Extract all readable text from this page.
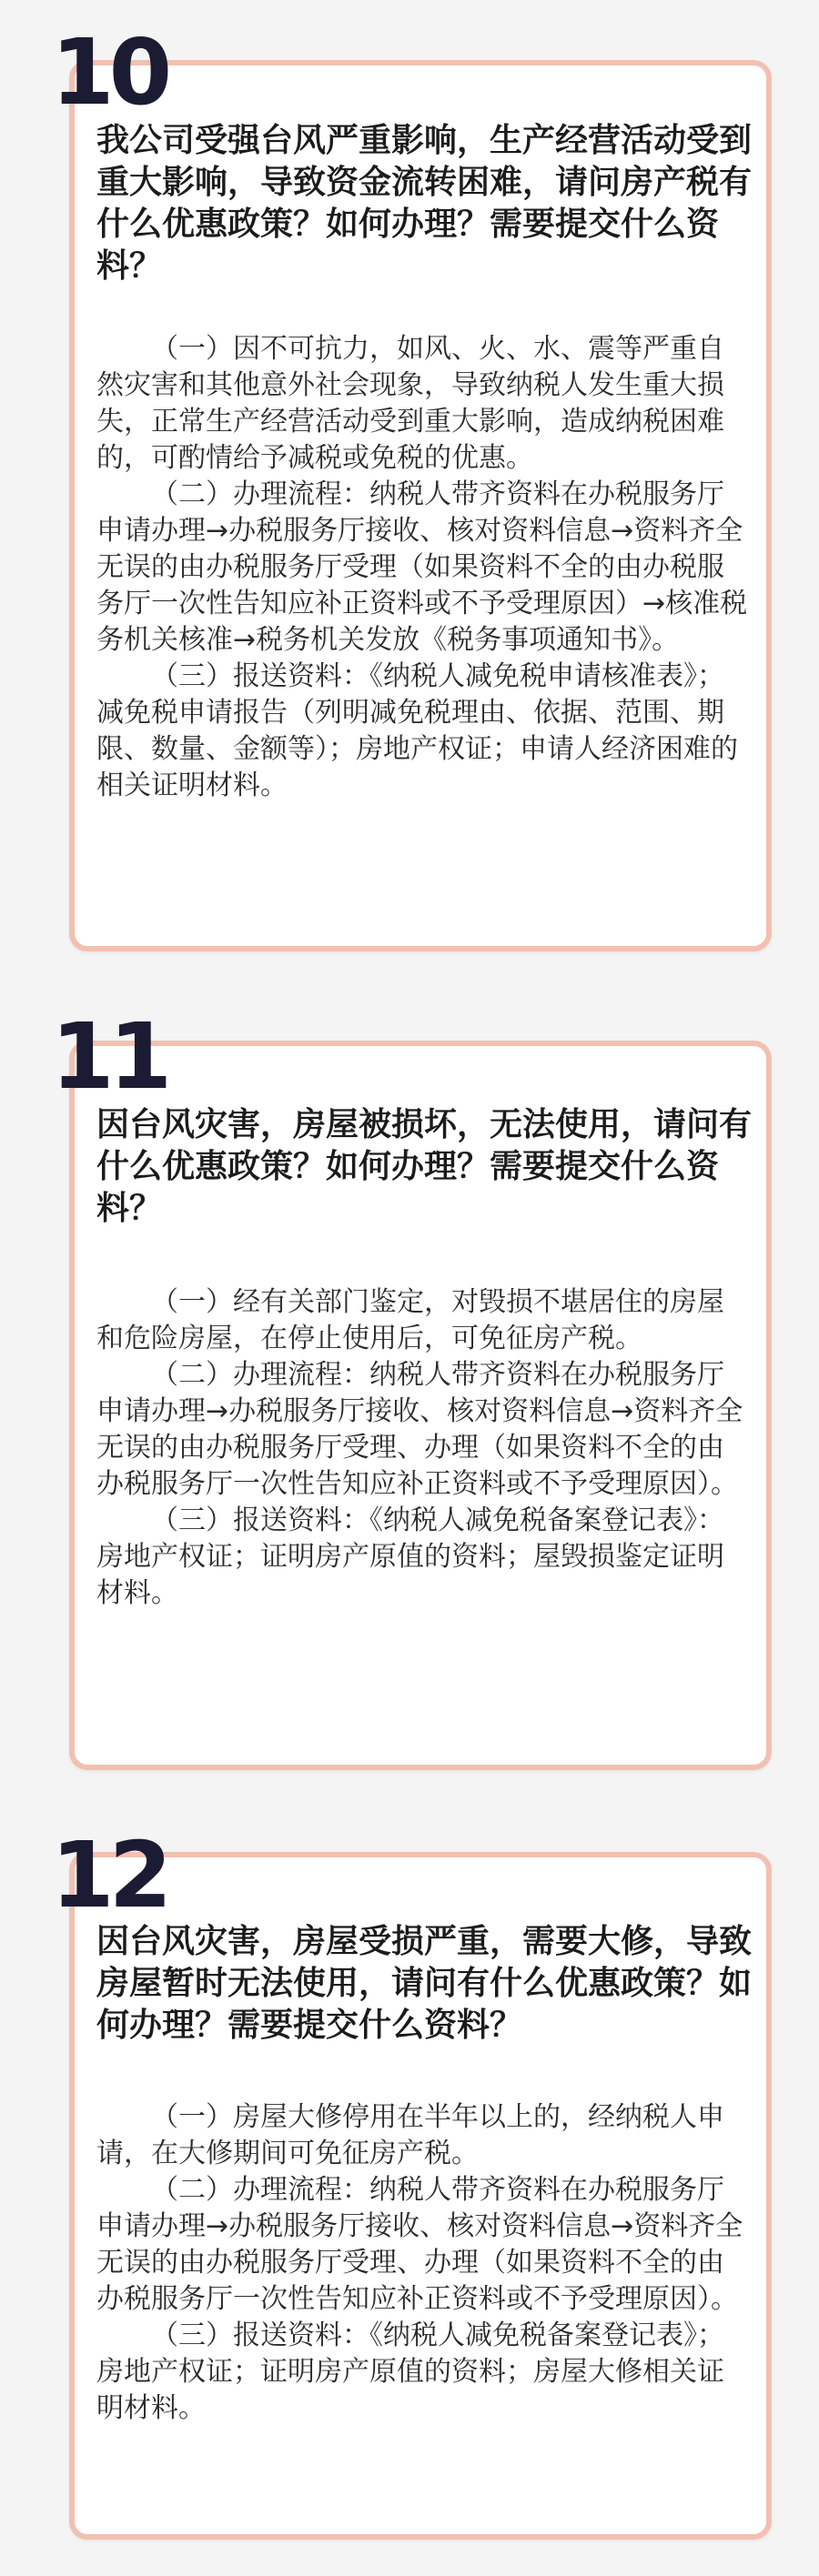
10
我公司受强台风严重影响，生产经营活动受到重大影响，导致资金流转困难，请问房产税有什么优惠政策？如何办理？需要提交什么资料？

（一）因不可抗力，如风、火、水、震等严重自然灾害和其他意外社会现象，导致纳税人发生重大损失，正常生产经营活动受到重大影响，造成纳税困难的，可酌情给予减税或免税的优惠。

（二）办理流程：纳税人带齐资料在办税服务厅申请办理→办税服务厅接收、核对资料信息→资料齐全无误的由办税服务厅受理（如果资料不全的由办税服务厅一次性告知应补正资料或不予受理原因）→核准税务机关核准→税务机关发放《税务事项通知书》。

（三）报送资料：《纳税人减免税申请核准表》；减免税申请报告（列明减免税理由、依据、范围、期限、数量、金额等）；房地产权证；申请人经济困难的相关证明材料。

11
因台风灾害，房屋被损坏，无法使用，请问有什么优惠政策？如何办理？需要提交什么资料？

（一）经有关部门鉴定，对毁损不堪居住的房屋和危险房屋，在停止使用后，可免征房产税。

（二）办理流程：纳税人带齐资料在办税服务厅申请办理→办税服务厅接收、核对资料信息→资料齐全无误的由办税服务厅受理、办理（如果资料不全的由办税服务厅一次性告知应补正资料或不予受理原因）。

（三）报送资料：《纳税人减免税备案登记表》：房地产权证；证明房产原值的资料；屋毁损鉴定证明材料。

12
因台风灾害，房屋受损严重，需要大修，导致房屋暂时无法使用，请问有什么优惠政策？如何办理？需要提交什么资料？

（一）房屋大修停用在半年以上的，经纳税人申请，在大修期间可免征房产税。

（二）办理流程：纳税人带齐资料在办税服务厅申请办理→办税服务厅接收、核对资料信息→资料齐全无误的由办税服务厅受理、办理（如果资料不全的由办税服务厅一次性告知应补正资料或不予受理原因）。

（三）报送资料：《纳税人减免税备案登记表》；房地产权证；证明房产原值的资料；房屋大修相关证明材料。
